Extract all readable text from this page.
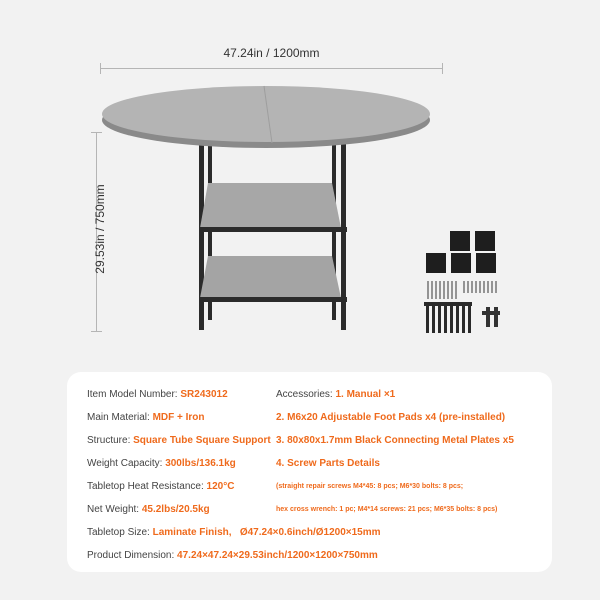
47.24in / 1200mm
29.53in / 750mm
Item Model Number: SR243012
Main Material: MDF + Iron
Structure: Square Tube Square Support
Weight Capacity: 300lbs/136.1kg
Tabletop Heat Resistance: 120°C
Net Weight: 45.2lbs/20.5kg
Tabletop Size: Laminate Finish,   Ø47.24×0.6inch/Ø1200×15mm
Product Dimension: 47.24×47.24×29.53inch/1200×1200×750mm
Accessories: 1. Manual ×1
2. M6x20 Adjustable Foot Pads x4 (pre-installed)
3. 80x80x1.7mm Black Connecting Metal Plates x5
4. Screw Parts Details
(straight repair screws M4*45: 8 pcs; M6*30 bolts: 8 pcs;
hex cross wrench: 1 pc; M4*14 screws: 21 pcs; M6*35 bolts: 8 pcs)
